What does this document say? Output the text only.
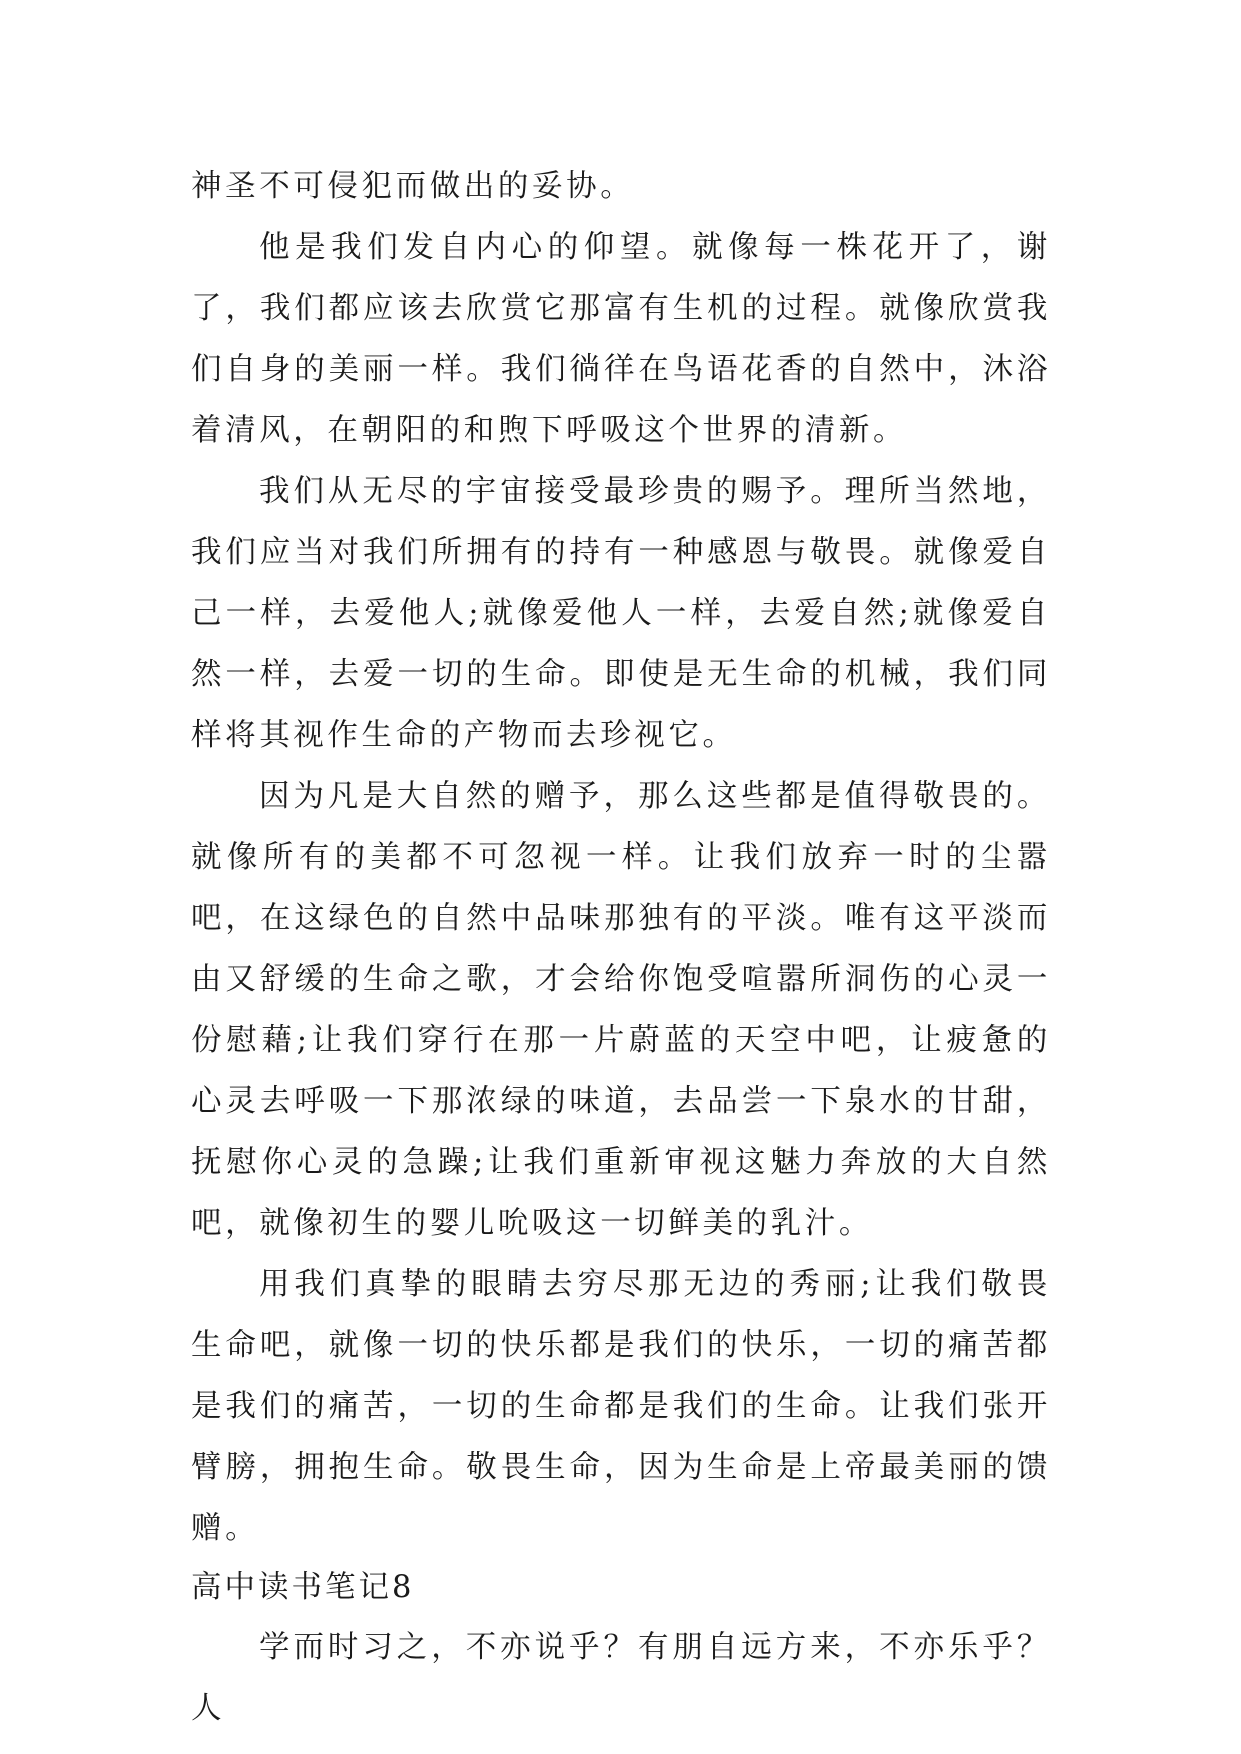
神圣不可侵犯而做出的妥协。

他是我们发自内心的仰望。就像每一株花开了，谢了，我们都应该去欣赏它那富有生机的过程。就像欣赏我们自身的美丽一样。我们徜徉在鸟语花香的自然中，沐浴着清风，在朝阳的和煦下呼吸这个世界的清新。

我们从无尽的宇宙接受最珍贵的赐予。理所当然地，我们应当对我们所拥有的持有一种感恩与敬畏。就像爱自己一样，去爱他人;就像爱他人一样，去爱自然;就像爱自然一样，去爱一切的生命。即使是无生命的机械，我们同样将其视作生命的产物而去珍视它。

因为凡是大自然的赠予，那么这些都是值得敬畏的。就像所有的美都不可忽视一样。让我们放弃一时的尘嚣吧，在这绿色的自然中品味那独有的平淡。唯有这平淡而由又舒缓的生命之歌，才会给你饱受喧嚣所洞伤的心灵一份慰藉;让我们穿行在那一片蔚蓝的天空中吧，让疲惫的心灵去呼吸一下那浓绿的味道，去品尝一下泉水的甘甜，抚慰你心灵的急躁;让我们重新审视这魅力奔放的大自然吧，就像初生的婴儿吮吸这一切鲜美的乳汁。

用我们真挚的眼睛去穷尽那无边的秀丽;让我们敬畏生命吧，就像一切的快乐都是我们的快乐，一切的痛苦都是我们的痛苦，一切的生命都是我们的生命。让我们张开臂膀，拥抱生命。敬畏生命，因为生命是上帝最美丽的馈赠。

高中读书笔记8

学而时习之，不亦说乎？有朋自远方来，不亦乐乎？人
